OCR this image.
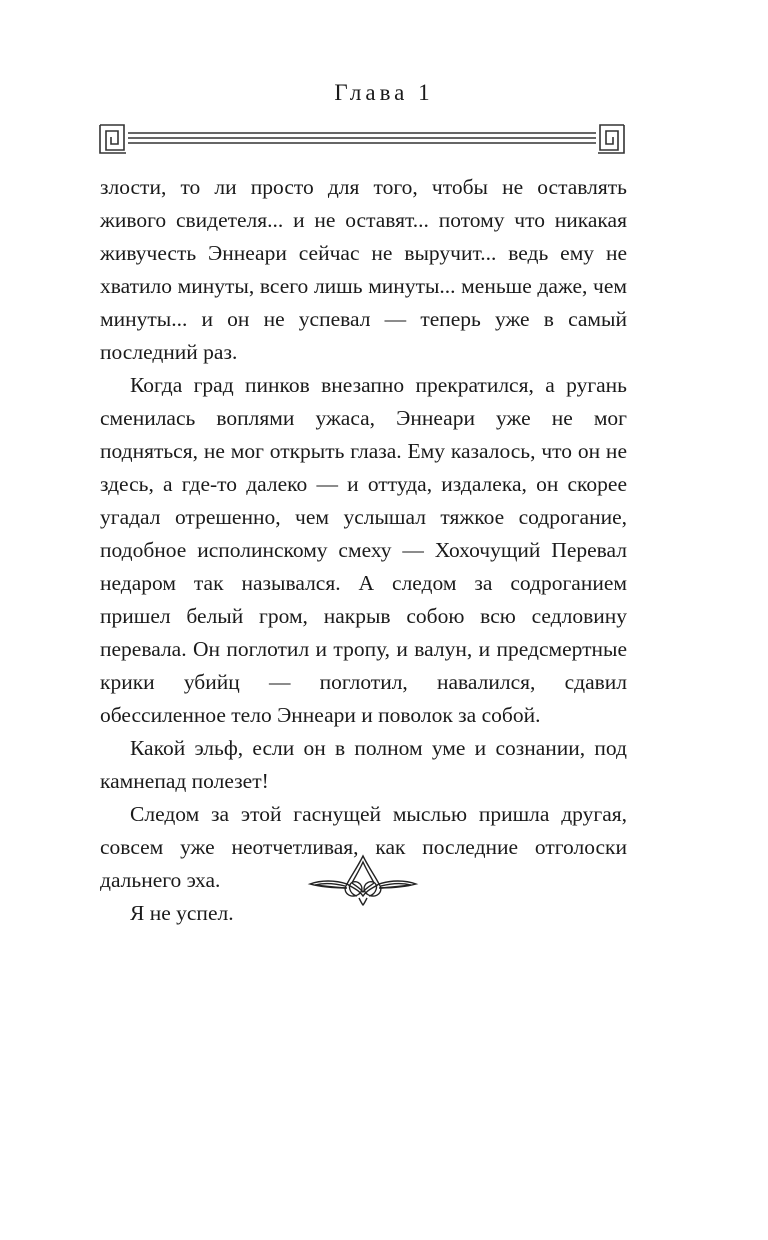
Глава 1

злости, то ли просто для того, чтобы не оставлять живого свидетеля... и не оставят... потому что никакая живучесть Эннеари сейчас не выручит... ведь ему не хватило минуты, всего лишь минуты... меньше даже, чем минуты... и он не успевал — теперь уже в самый последний раз.

Когда град пинков внезапно прекратился, а ругань сменилась воплями ужаса, Эннеари уже не мог подняться, не мог открыть глаза. Ему казалось, что он не здесь, а где-то далеко — и оттуда, издалека, он скорее угадал отрешенно, чем услышал тяжкое содрогание, подобное исполинскому смеху — Хохочущий Перевал недаром так назывался. А следом за содроганием пришел белый гром, накрыв собою всю седловину перевала. Он поглотил и тропу, и валун, и предсмертные крики убийц — поглотил, навалился, сдавил обессиленное тело Эннеари и поволок за собой.

Какой эльф, если он в полном уме и сознании, под камнепад полезет!

Следом за этой гаснущей мыслью пришла другая, совсем уже неотчетливая, как последние отголоски дальнего эха.

Я не успел.
